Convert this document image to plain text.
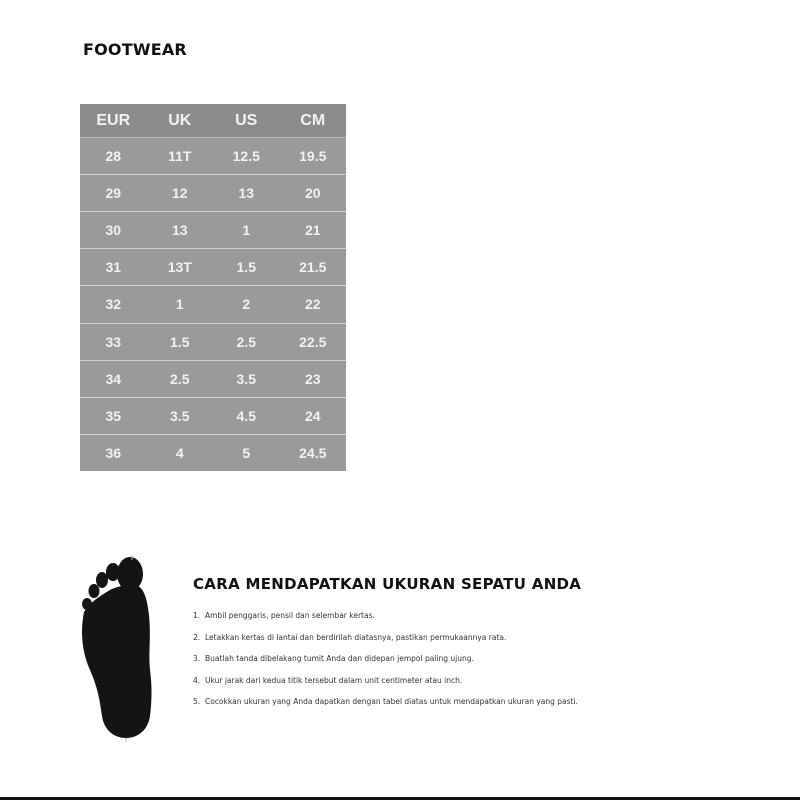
FOOTWEAR
EUR	UK	US	CM
28	11T	12.5	19.5
29	12	13	20
30	13	1	21
31	13T	1.5	21.5
32	1	2	22
33	1.5	2.5	22.5
34	2.5	3.5	23
35	3.5	4.5	24
36	4	5	24.5
CARA MENDAPATKAN UKURAN SEPATU ANDA
1. Ambil penggaris, pensil dan selembar kertas.
2. Letakkan kertas di lantai dan berdirilah diatasnya, pastikan permukaannya rata.
3. Buatlah tanda dibelakang tumit Anda dan didepan jempol paling ujung.
4. Ukur jarak dari kedua titik tersebut dalam unit centimeter atau inch.
5. Cocokkan ukuran yang Anda dapatkan dengan tabel diatas untuk mendapatkan ukuran yang pasti.
